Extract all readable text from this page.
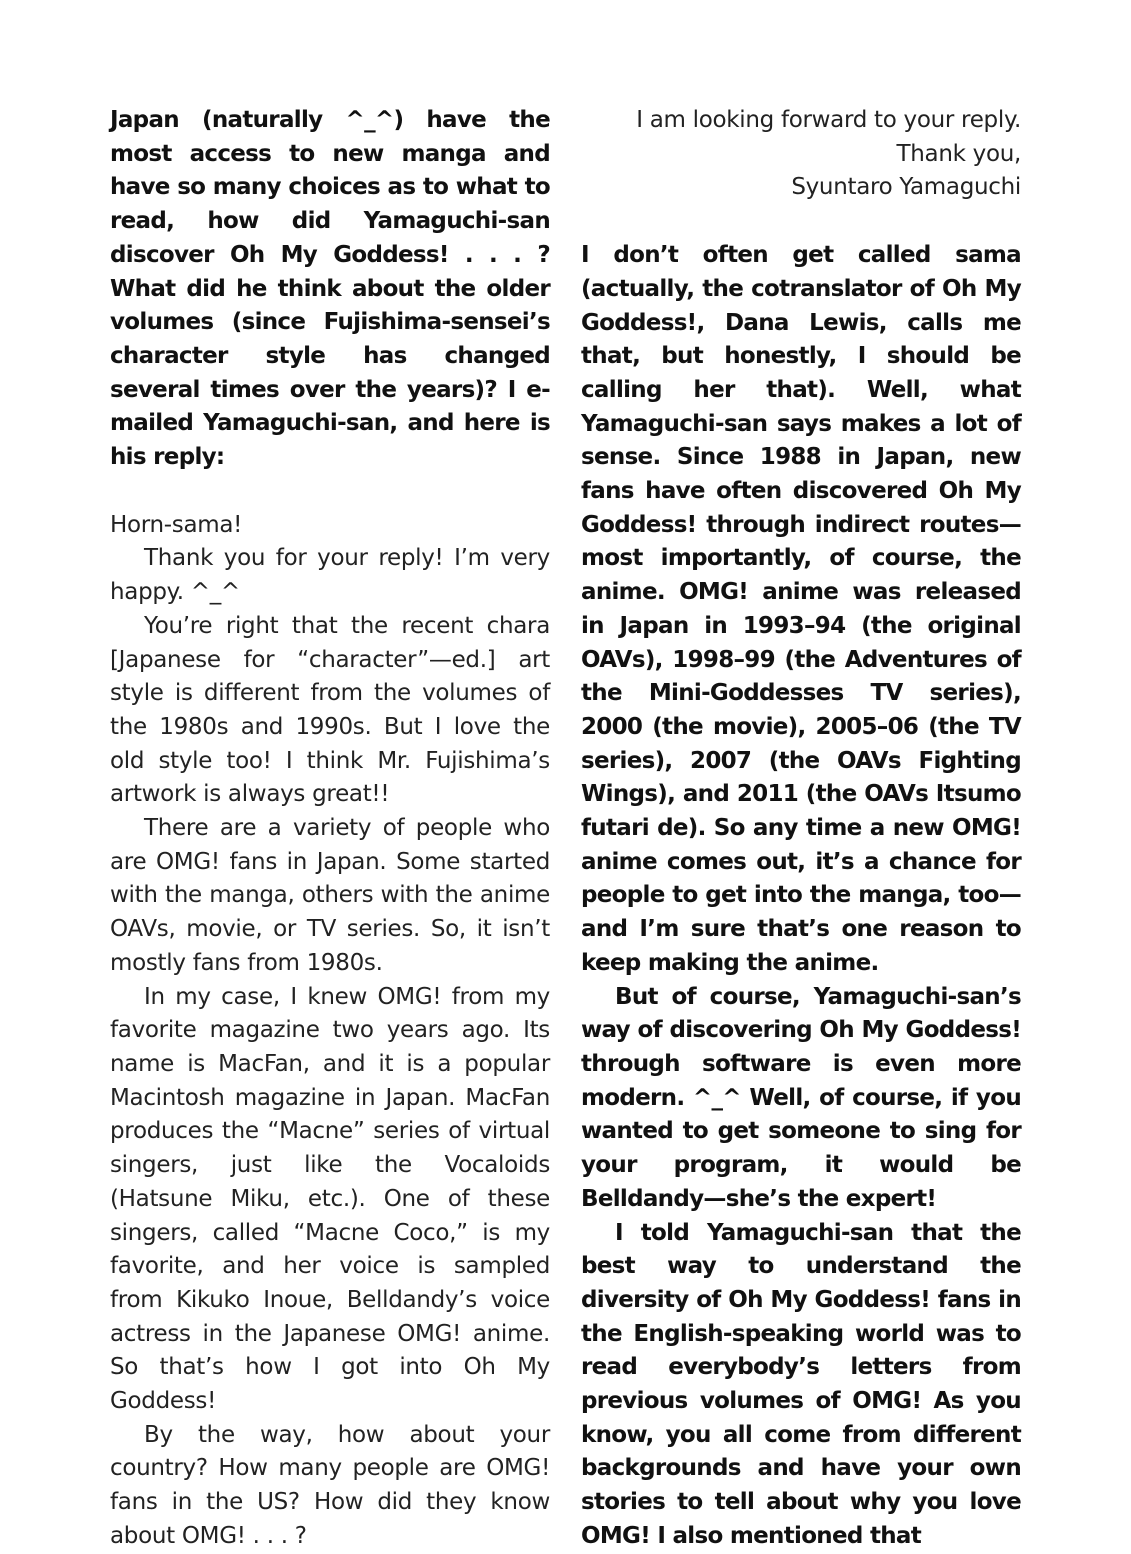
Japan (naturally ^_^) have the most access to new manga and have so many choices as to what to read, how did Yamaguchi-san discover Oh My Goddess! . . . ? What did he think about the older volumes (since Fujishima-sensei’s character style has changed several times over the years)? I e-mailed Yamaguchi-san, and here is his reply:

Horn-sama!

Thank you for your reply! I’m very happy. ^_^

You’re right that the recent chara [Japanese for “character”—ed.] art style is different from the volumes of the 1980s and 1990s. But I love the old style too! I think Mr. Fujishima’s artwork is always great!!

There are a variety of people who are OMG! fans in Japan. Some started with the manga, others with the anime OAVs, movie, or TV series. So, it isn’t mostly fans from 1980s.

In my case, I knew OMG! from my favorite magazine two years ago. Its name is MacFan, and it is a popular Macintosh magazine in Japan. MacFan produces the “Macne” series of virtual singers, just like the Vocaloids (Hatsune Miku, etc.). One of these singers, called “Macne Coco,” is my favorite, and her voice is sampled from Kikuko Inoue, Belldandy’s voice actress in the Japanese OMG! anime. So that’s how I got into Oh My Goddess!

By the way, how about your country? How many people are OMG! fans in the US? How did they know about OMG! . . . ?

I am looking forward to your reply.

Thank you,

Syuntaro Yamaguchi

I don’t often get called sama (actually, the cotranslator of Oh My Goddess!, Dana Lewis, calls me that, but honestly, I should be calling her that). Well, what Yamaguchi-san says makes a lot of sense. Since 1988 in Japan, new fans have often discovered Oh My Goddess! through indirect routes—most importantly, of course, the anime. OMG! anime was released in Japan in 1993–94 (the original OAVs), 1998–99 (the Adventures of the Mini-Goddesses TV series), 2000 (the movie), 2005–06 (the TV series), 2007 (the OAVs Fighting Wings), and 2011 (the OAVs Itsumo futari de). So any time a new OMG! anime comes out, it’s a chance for people to get into the manga, too—and I’m sure that’s one reason to keep making the anime.

But of course, Yamaguchi-san’s way of discovering Oh My Goddess! through software is even more modern. ^_^ Well, of course, if you wanted to get someone to sing for your program, it would be Belldandy—she’s the expert!

I told Yamaguchi-san that the best way to understand the diversity of Oh My Goddess! fans in the English-speaking world was to read everybody’s letters from previous volumes of OMG! As you know, you all come from different backgrounds and have your own stories to tell about why you love OMG! I also mentioned that
